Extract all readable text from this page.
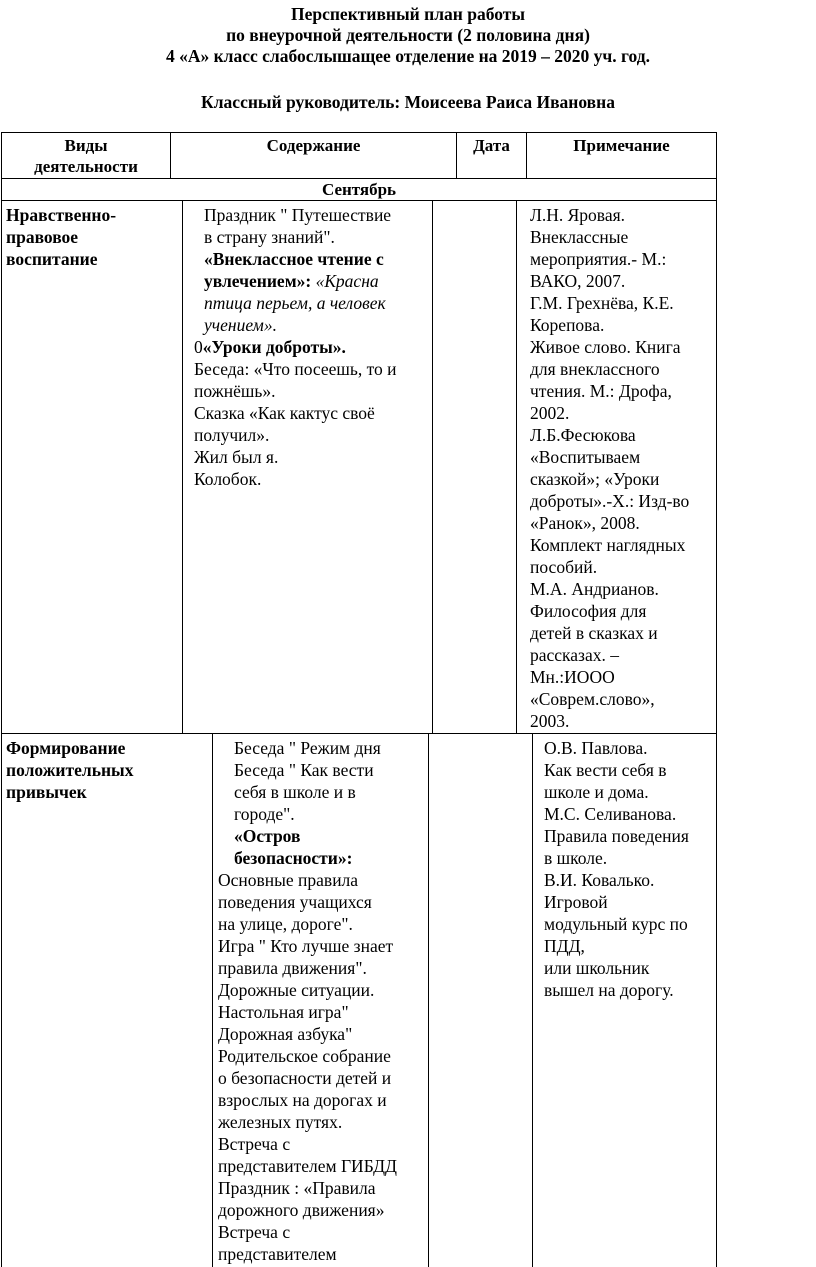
Перспективный план работы
по внеурочной деятельности (2 половина дня)
4 «А» класс слабослышащее отделение на 2019 – 2020 уч. год.
Классный руководитель: Моисеева Раиса Ивановна
Виды
деятельности
Содержание	Дата	Примечание
Сентябрь
Нравственно-
правовое
воспитание
Праздник " Путешествие
в страну знаний".
«Внеклассное чтение с
увлечением»: «Красна
птица перьем, а человек
учением».
0«Уроки доброты».
Беседа: «Что посеешь, то и
пожнёшь».
Сказка «Как кактус своё
получил».
Жил был я.
Колобок.
Л.Н. Яровая.
Внеклассные
мероприятия.- М.:
ВАКО, 2007.
Г.М. Грехнёва, К.Е.
Корепова.
Живое слово. Книга
для внеклассного
чтения. М.: Дрофа,
2002.
Л.Б.Фесюкова
«Воспитываем
сказкой»; «Уроки
доброты».-Х.: Изд-во
«Ранок», 2008.
Комплект наглядных
пособий.
М.А. Андрианов.
Философия для
детей в сказках и
рассказах. –
Мн.:ИООО
«Соврем.слово»,
2003.
Формирование
положительных
привычек
Беседа " Режим дня
Беседа " Как вести
себя в школе и в
городе".
«Остров
безопасности»:
Основные правила
поведения учащихся
на улице, дороге".
Игра " Кто лучше знает
правила движения".
Дорожные ситуации.
Настольная игра"
Дорожная азбука"
Родительское собрание
о безопасности детей и
взрослых на дорогах и
железных путях.
Встреча с
представителем ГИБДД
Праздник : «Правила
дорожного движения»
Встреча с
представителем
О.В. Павлова.
Как вести себя в
школе и дома.
М.С. Селиванова.
Правила поведения
в школе.
В.И. Ковалько.
Игровой
модульный курс по
ПДД,
или школьник
вышел на дорогу.
